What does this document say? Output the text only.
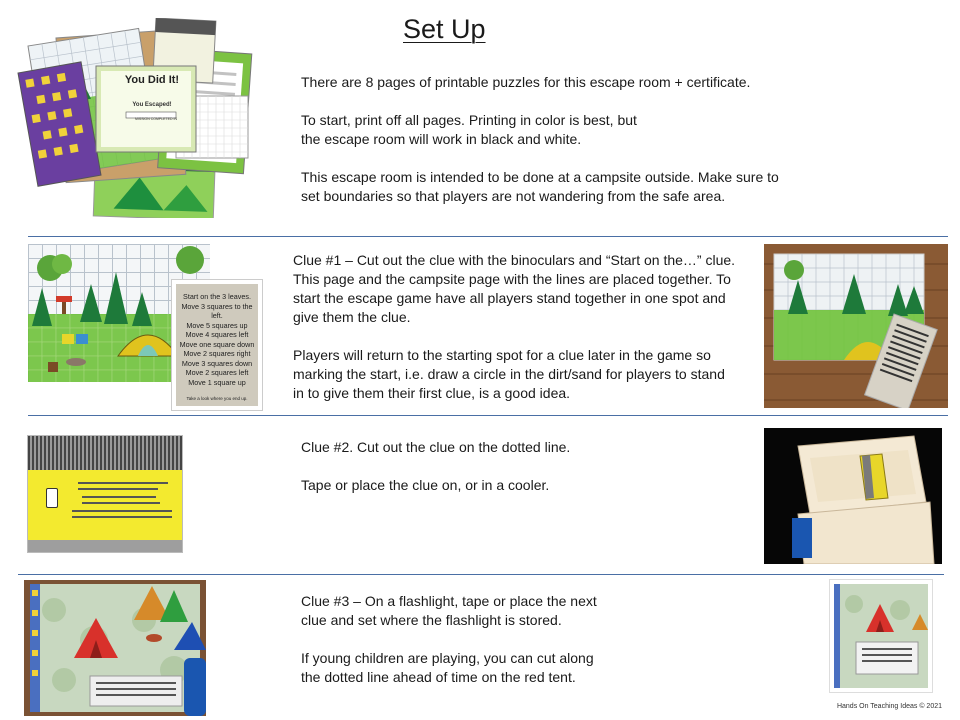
Set Up
You Did It!
You Escaped!
MISSION COMPLETED IN

There are 8 pages of printable puzzles for this escape room + certificate.

To start, print off all pages. Printing in color is best, but
the escape room will work in black and white.

This escape room is intended to be done at a campsite outside. Make sure to
set boundaries so that players are not wandering from the safe area.

Start on the 3 leaves.
Move 3 squares to the
left.
Move 5 squares up
Move 4 squares left
Move one square down
Move 2 squares right
Move 3 squares down
Move 2 squares left
Move 1 square up
Take a look where you end up.

Clue #1 – Cut out the clue with the binoculars and “Start on the…” clue.
This page and the campsite page with the lines are placed together. To
start the escape game have all players stand together in one spot and
give them the clue.

Players will return to the starting spot for a clue later in the game so
marking the start, i.e. draw a circle in the dirt/sand for players to stand
in to give them their first clue, is a good idea.

Clue #2. Cut out the clue on the dotted line.

Tape or place the clue on, or in a cooler.

Clue #3 – On a flashlight, tape or place the next
clue and set where the flashlight is stored.

If young children are playing, you can cut along
the dotted line ahead of time on the red tent.

Hands On Teaching Ideas © 2021
